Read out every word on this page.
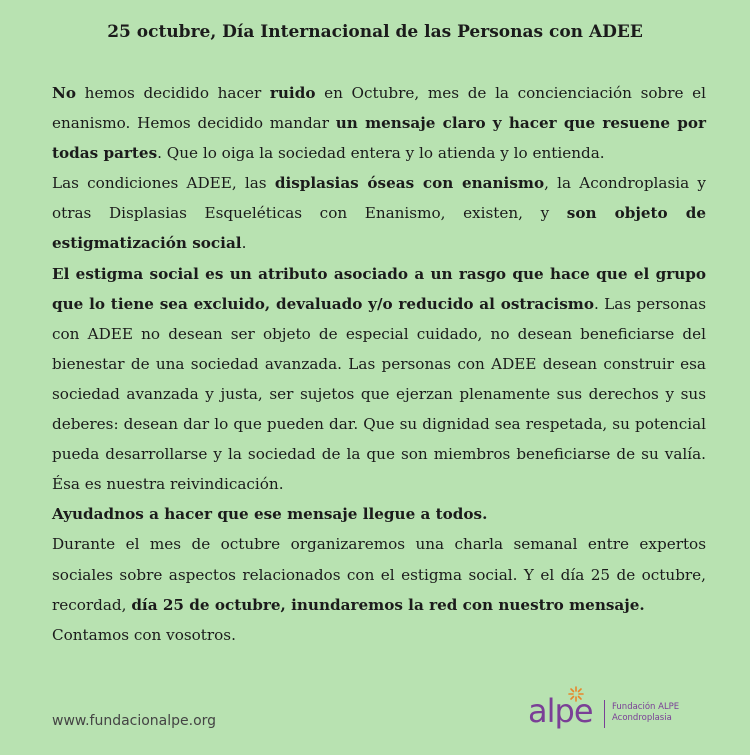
25 octubre, Día Internacional de las Personas con ADEE

No hemos decidido hacer ruido en Octubre, mes de la concienciación sobre el enanismo. Hemos decidido mandar un mensaje claro y hacer que resuene por todas partes. Que lo oiga la sociedad entera y lo atienda y lo entienda.

Las condiciones ADEE, las displasias óseas con enanismo, la Acondroplasia y otras Displasias Esqueléticas con Enanismo, existen, y son objeto de estigmatización social.

El estigma social es un atributo asociado a un rasgo que hace que el grupo que lo tiene sea excluido, devaluado y/o reducido al ostracismo. Las personas con ADEE no desean ser objeto de especial cuidado, no desean beneficiarse del bienestar de una sociedad avanzada. Las personas con ADEE desean construir esa sociedad avanzada y justa, ser sujetos que ejerzan plenamente sus derechos y sus deberes: desean dar lo que pueden dar. Que su dignidad sea respetada, su potencial pueda desarrollarse y la sociedad de la que son miembros beneficiarse de su valía. Ésa es nuestra reivindicación.

Ayudadnos a hacer que ese mensaje llegue a todos.

Durante el mes de octubre organizaremos una charla semanal entre expertos sociales sobre aspectos relacionados con el estigma social. Y el día 25 de octubre, recordad, día 25 de octubre, inundaremos la red con nuestro mensaje.

Contamos con vosotros.

www.fundacionalpe.org	alpe Fundación ALPE
Acondroplasia
